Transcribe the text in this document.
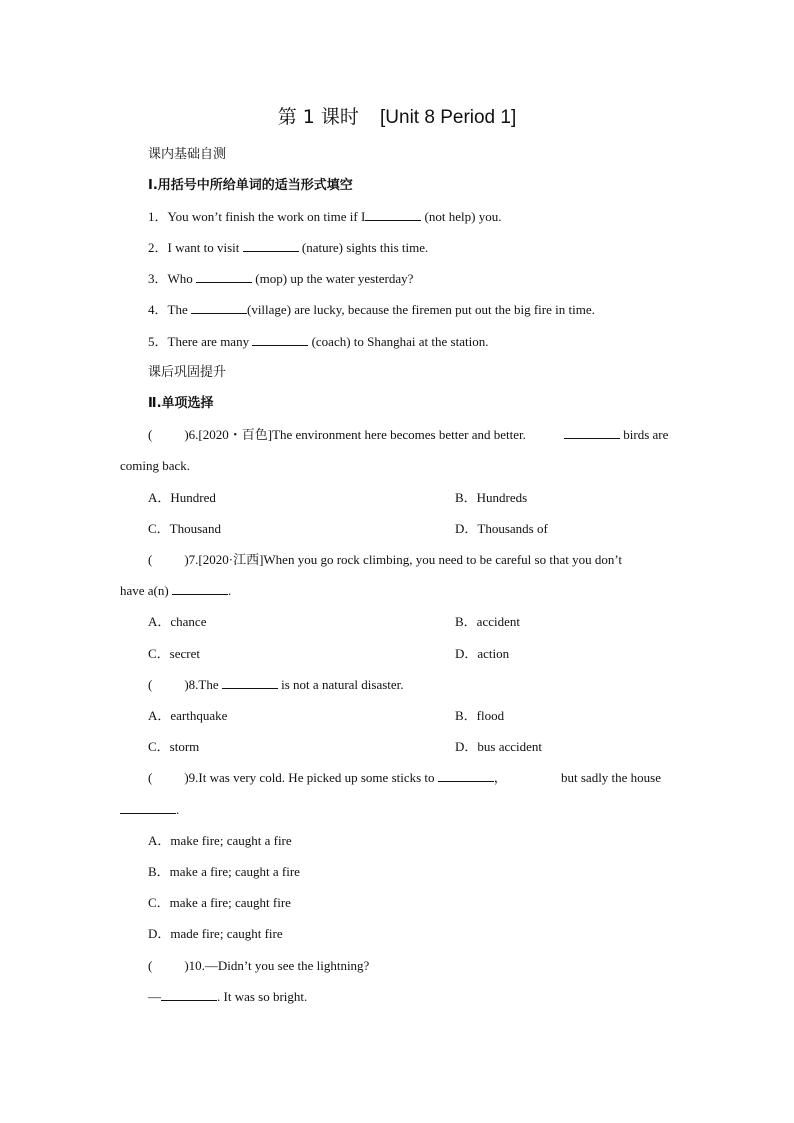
第 1 课时 [Unit 8 Period 1]
课内基础自测
Ⅰ.用括号中所给单词的适当形式填空
1．You won’t finish the work on time if I	(not help) you.
2．I want to visit	(nature) sights this time.
3．Who	(mop) up the water yesterday?
4．The	(village) are lucky, because the firemen put out the big fire in time.
5．There are many	(coach) to Shanghai at the station.
课后巩固提升
Ⅱ.单项选择
( )6.[2020・百色]The environment here becomes better and better.	birds are
coming back.
A．Hundred	B．Hundreds
C．Thousand	D．Thousands of
( )7.[2020·江西]When you go rock climbing, you need to be careful so that you don’t
have a(n)	.
A．chance	B．accident
C．secret	D．action
( )8.The	is not a natural disaster.
A．earthquake	B．flood
C．storm	D．bus accident
( )9.It was very cold. He picked up some sticks to	，	but sadly the house
.
A．make fire; caught a fire
B．make a fire; caught a fire
C．make a fire; caught fire
D．made fire; caught fire
( )10.—Didn’t you see the lightning?
—	. It was so bright.
